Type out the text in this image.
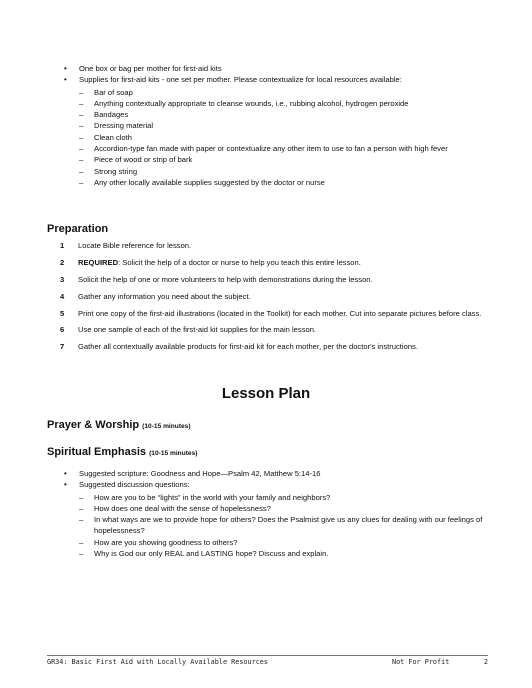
• One box or bag per mother for first-aid kits
• Supplies for first-aid kits - one set per mother. Please contextualize for local resources available:
– Bar of soap
– Anything contextually appropriate to cleanse wounds, i.e., rubbing alcohol, hydrogen peroxide
– Bandages
– Dressing material
– Clean cloth
– Accordion-type fan made with paper or contextualize any other item to use to fan a person with high fever
– Piece of wood or strip of bark
– Strong string
– Any other locally available supplies suggested by the doctor or nurse
Preparation
1 Locate Bible reference for lesson.
2 REQUIRED: Solicit the help of a doctor or nurse to help you teach this entire lesson.
3 Solicit the help of one or more volunteers to help with demonstrations during the lesson.
4 Gather any information you need about the subject.
5 Print one copy of the first-aid illustrations (located in the Toolkit) for each mother. Cut into separate pictures before class.
6 Use one sample of each of the first-aid kit supplies for the main lesson.
7 Gather all contextually available products for first-aid kit for each mother, per the doctor's instructions.
Lesson Plan
Prayer & Worship (10-15 minutes)
Spiritual Emphasis (10-15 minutes)
• Suggested scripture: Goodness and Hope—Psalm 42, Matthew 5:14-16
• Suggested discussion questions:
– How are you to be “lights” in the world with your family and neighbors?
– How does one deal with the sense of hopelessness?
– In what ways are we to provide hope for others? Does the Psalmist give us any clues for dealing with our feelings of hopelessness?
– How are you showing goodness to others?
– Why is God our only REAL and LASTING hope? Discuss and explain.
GR34: Basic First Aid with Locally Available Resources	Not For Profit	2
